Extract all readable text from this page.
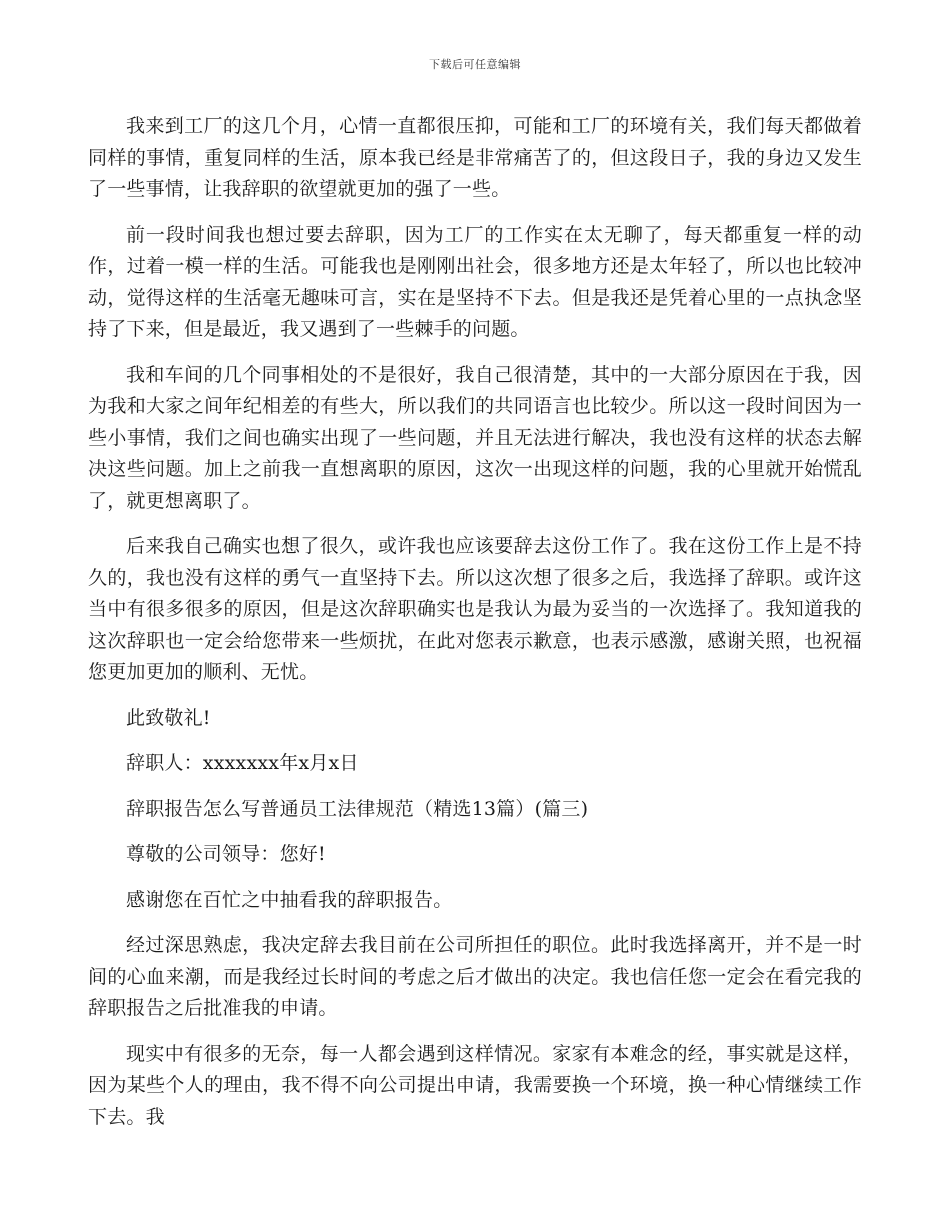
下载后可任意编辑

我来到工厂的这几个月，心情一直都很压抑，可能和工厂的环境有关，我们每天都做着同样的事情，重复同样的生活，原本我已经是非常痛苦了的，但这段日子，我的身边又发生了一些事情，让我辞职的欲望就更加的强了一些。

前一段时间我也想过要去辞职，因为工厂的工作实在太无聊了，每天都重复一样的动作，过着一模一样的生活。可能我也是刚刚出社会，很多地方还是太年轻了，所以也比较冲动，觉得这样的生活毫无趣味可言，实在是坚持不下去。但是我还是凭着心里的一点执念坚持了下来，但是最近，我又遇到了一些棘手的问题。

我和车间的几个同事相处的不是很好，我自己很清楚，其中的一大部分原因在于我，因为我和大家之间年纪相差的有些大，所以我们的共同语言也比较少。所以这一段时间因为一些小事情，我们之间也确实出现了一些问题，并且无法进行解决，我也没有这样的状态去解决这些问题。加上之前我一直想离职的原因，这次一出现这样的问题，我的心里就开始慌乱了，就更想离职了。

后来我自己确实也想了很久，或许我也应该要辞去这份工作了。我在这份工作上是不持久的，我也没有这样的勇气一直坚持下去。所以这次想了很多之后，我选择了辞职。或许这当中有很多很多的原因，但是这次辞职确实也是我认为最为妥当的一次选择了。我知道我的这次辞职也一定会给您带来一些烦扰，在此对您表示歉意，也表示感激，感谢关照，也祝福您更加更加的顺利、无忧。

此致敬礼!

辞职人：xxxxxxx年x月x日

辞职报告怎么写普通员工法律规范（精选13篇）(篇三)

尊敬的公司领导：您好!

感谢您在百忙之中抽看我的辞职报告。

经过深思熟虑，我决定辞去我目前在公司所担任的职位。此时我选择离开，并不是一时间的心血来潮，而是我经过长时间的考虑之后才做出的决定。我也信任您一定会在看完我的辞职报告之后批准我的申请。

现实中有很多的无奈，每一人都会遇到这样情况。家家有本难念的经，事实就是这样，因为某些个人的理由，我不得不向公司提出申请，我需要换一个环境，换一种心情继续工作下去。我
